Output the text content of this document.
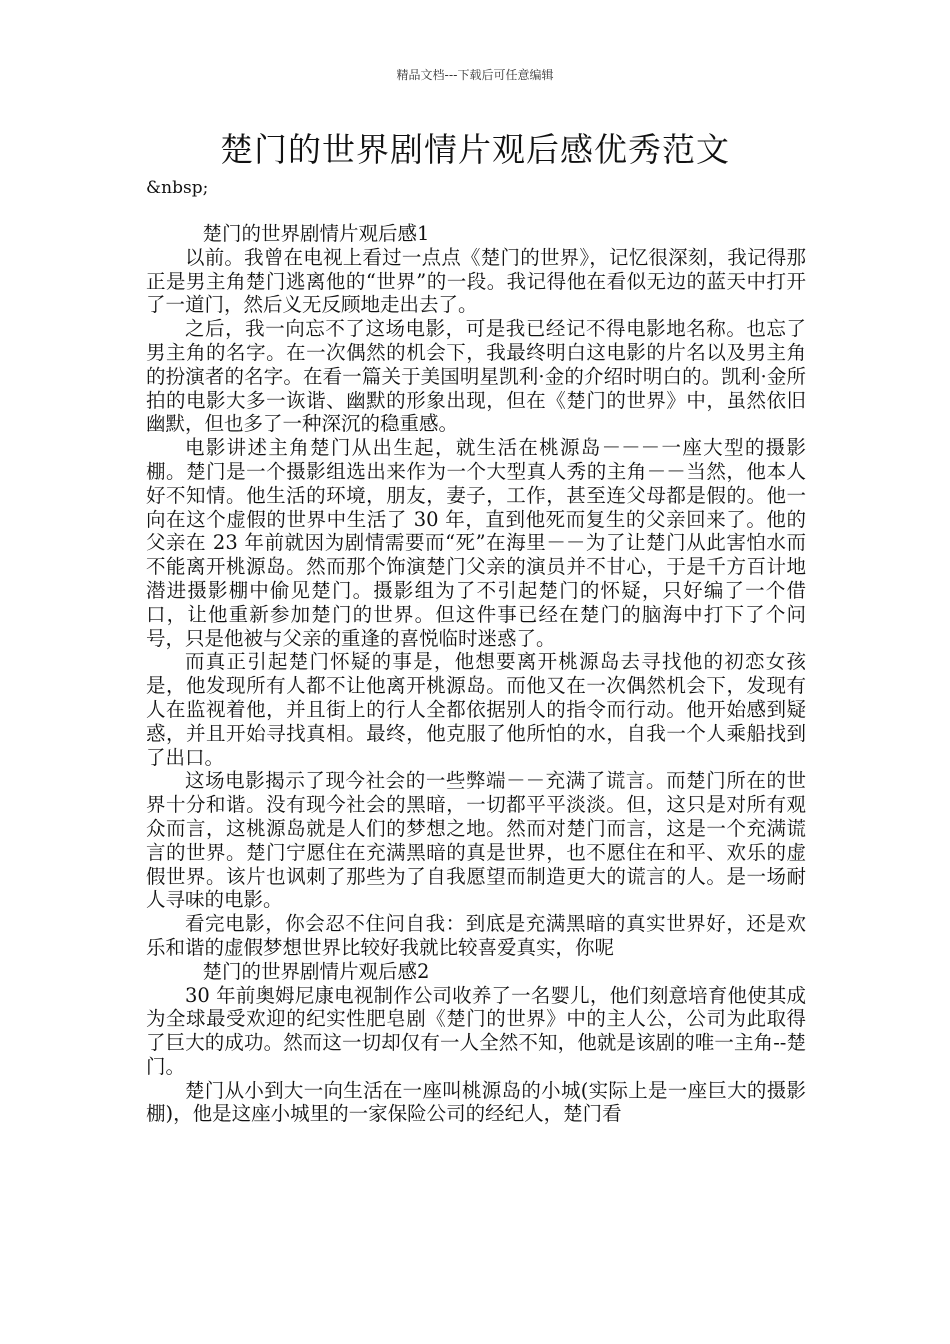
精品文档---下载后可任意编辑
楚门的世界剧情片观后感优秀范文
&nbsp;

楚门的世界剧情片观后感1

以前。我曾在电视上看过一点点《楚门的世界》，记忆很深刻，我记得那正是男主角楚门逃离他的“世界”的一段。我记得他在看似无边的蓝天中打开了一道门，然后义无反顾地走出去了。

之后，我一向忘不了这场电影，可是我已经记不得电影地名称。也忘了男主角的名字。在一次偶然的机会下，我最终明白这电影的片名以及男主角的扮演者的名字。在看一篇关于美国明星凯利·金的介绍时明白的。凯利·金所拍的电影大多一诙谐、幽默的形象出现，但在《楚门的世界》中，虽然依旧幽默，但也多了一种深沉的稳重感。

电影讲述主角楚门从出生起，就生活在桃源岛－－－一座大型的摄影棚。楚门是一个摄影组选出来作为一个大型真人秀的主角－－当然，他本人好不知情。他生活的环境，朋友，妻子，工作，甚至连父母都是假的。他一向在这个虚假的世界中生活了 30 年，直到他死而复生的父亲回来了。他的父亲在 23 年前就因为剧情需要而“死”在海里－－为了让楚门从此害怕水而不能离开桃源岛。然而那个饰演楚门父亲的演员并不甘心，于是千方百计地潜进摄影棚中偷见楚门。摄影组为了不引起楚门的怀疑，只好编了一个借口，让他重新参加楚门的世界。但这件事已经在楚门的脑海中打下了个问号，只是他被与父亲的重逢的喜悦临时迷惑了。

而真正引起楚门怀疑的事是，他想要离开桃源岛去寻找他的初恋女孩是，他发现所有人都不让他离开桃源岛。而他又在一次偶然机会下，发现有人在监视着他，并且街上的行人全都依据别人的指令而行动。他开始感到疑惑，并且开始寻找真相。最终，他克服了他所怕的水，自我一个人乘船找到了出口。

这场电影揭示了现今社会的一些弊端－－充满了谎言。而楚门所在的世界十分和谐。没有现今社会的黑暗，一切都平平淡淡。但，这只是对所有观众而言，这桃源岛就是人们的梦想之地。然而对楚门而言，这是一个充满谎言的世界。楚门宁愿住在充满黑暗的真是世界，也不愿住在和平、欢乐的虚假世界。该片也讽刺了那些为了自我愿望而制造更大的谎言的人。是一场耐人寻味的电影。

看完电影，你会忍不住问自我：到底是充满黑暗的真实世界好，还是欢乐和谐的虚假梦想世界比较好我就比较喜爱真实，你呢

楚门的世界剧情片观后感2

30 年前奥姆尼康电视制作公司收养了一名婴儿，他们刻意培育他使其成为全球最受欢迎的纪实性肥皂剧《楚门的世界》中的主人公，公司为此取得了巨大的成功。然而这一切却仅有一人全然不知，他就是该剧的唯一主角--楚门。

楚门从小到大一向生活在一座叫桃源岛的小城(实际上是一座巨大的摄影棚)，他是这座小城里的一家保险公司的经纪人，楚门看
